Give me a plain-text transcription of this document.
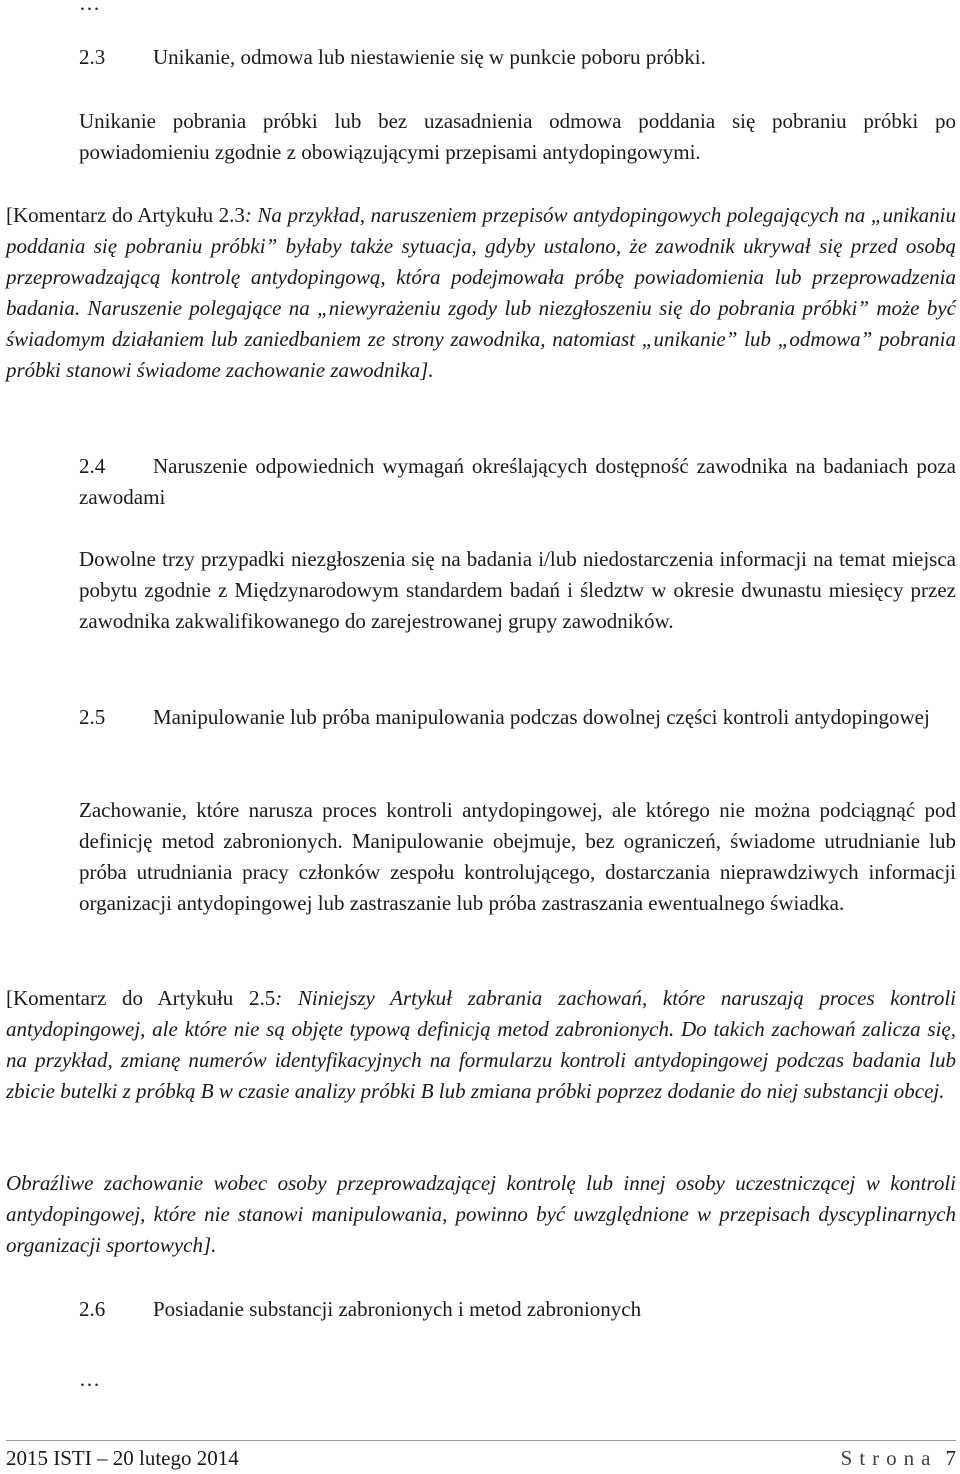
…
2.3 Unikanie, odmowa lub niestawienie się w punkcie poboru próbki.

Unikanie pobrania próbki lub bez uzasadnienia odmowa poddania się pobraniu próbki po powiadomieniu zgodnie z obowiązującymi przepisami antydopingowymi.

[Komentarz do Artykułu 2.3: Na przykład, naruszeniem przepisów antydopingowych polegających na „unikaniu poddania się pobraniu próbki” byłaby także sytuacja, gdyby ustalono, że zawodnik ukrywał się przed osobą przeprowadzającą kontrolę antydopingową, która podejmowała próbę powiadomienia lub przeprowadzenia badania. Naruszenie polegające na „niewyrażeniu zgody lub niezgłoszeniu się do pobrania próbki” może być świadomym działaniem lub zaniedbaniem ze strony zawodnika, natomiast „unikanie” lub „odmowa” pobrania próbki stanowi świadome zachowanie zawodnika].

2.4 Naruszenie odpowiednich wymagań określających dostępność zawodnika na badaniach poza zawodami

Dowolne trzy przypadki niezgłoszenia się na badania i/lub niedostarczenia informacji na temat miejsca pobytu zgodnie z Międzynarodowym standardem badań i śledztw w okresie dwunastu miesięcy przez zawodnika zakwalifikowanego do zarejestrowanej grupy zawodników.

2.5 Manipulowanie lub próba manipulowania podczas dowolnej części kontroli antydopingowej

Zachowanie, które narusza proces kontroli antydopingowej, ale którego nie można podciągnąć pod definicję metod zabronionych. Manipulowanie obejmuje, bez ograniczeń, świadome utrudnianie lub próba utrudniania pracy członków zespołu kontrolującego, dostarczania nieprawdziwych informacji organizacji antydopingowej lub zastraszanie lub próba zastraszania ewentualnego świadka.

[Komentarz do Artykułu 2.5: Niniejszy Artykuł zabrania zachowań, które naruszają proces kontroli antydopingowej, ale które nie są objęte typową definicją metod zabronionych. Do takich zachowań zalicza się, na przykład, zmianę numerów identyfikacyjnych na formularzu kontroli antydopingowej podczas badania lub zbicie butelki z próbką B w czasie analizy próbki B lub zmiana próbki poprzez dodanie do niej substancji obcej.

Obraźliwe zachowanie wobec osoby przeprowadzającej kontrolę lub innej osoby uczestniczącej w kontroli antydopingowej, które nie stanowi manipulowania, powinno być uwzględnione w przepisach dyscyplinarnych organizacji sportowych].

2.6 Posiadanie substancji zabronionych i metod zabronionych
…
2015 ISTI – 20 lutego 2014	Strona 7
